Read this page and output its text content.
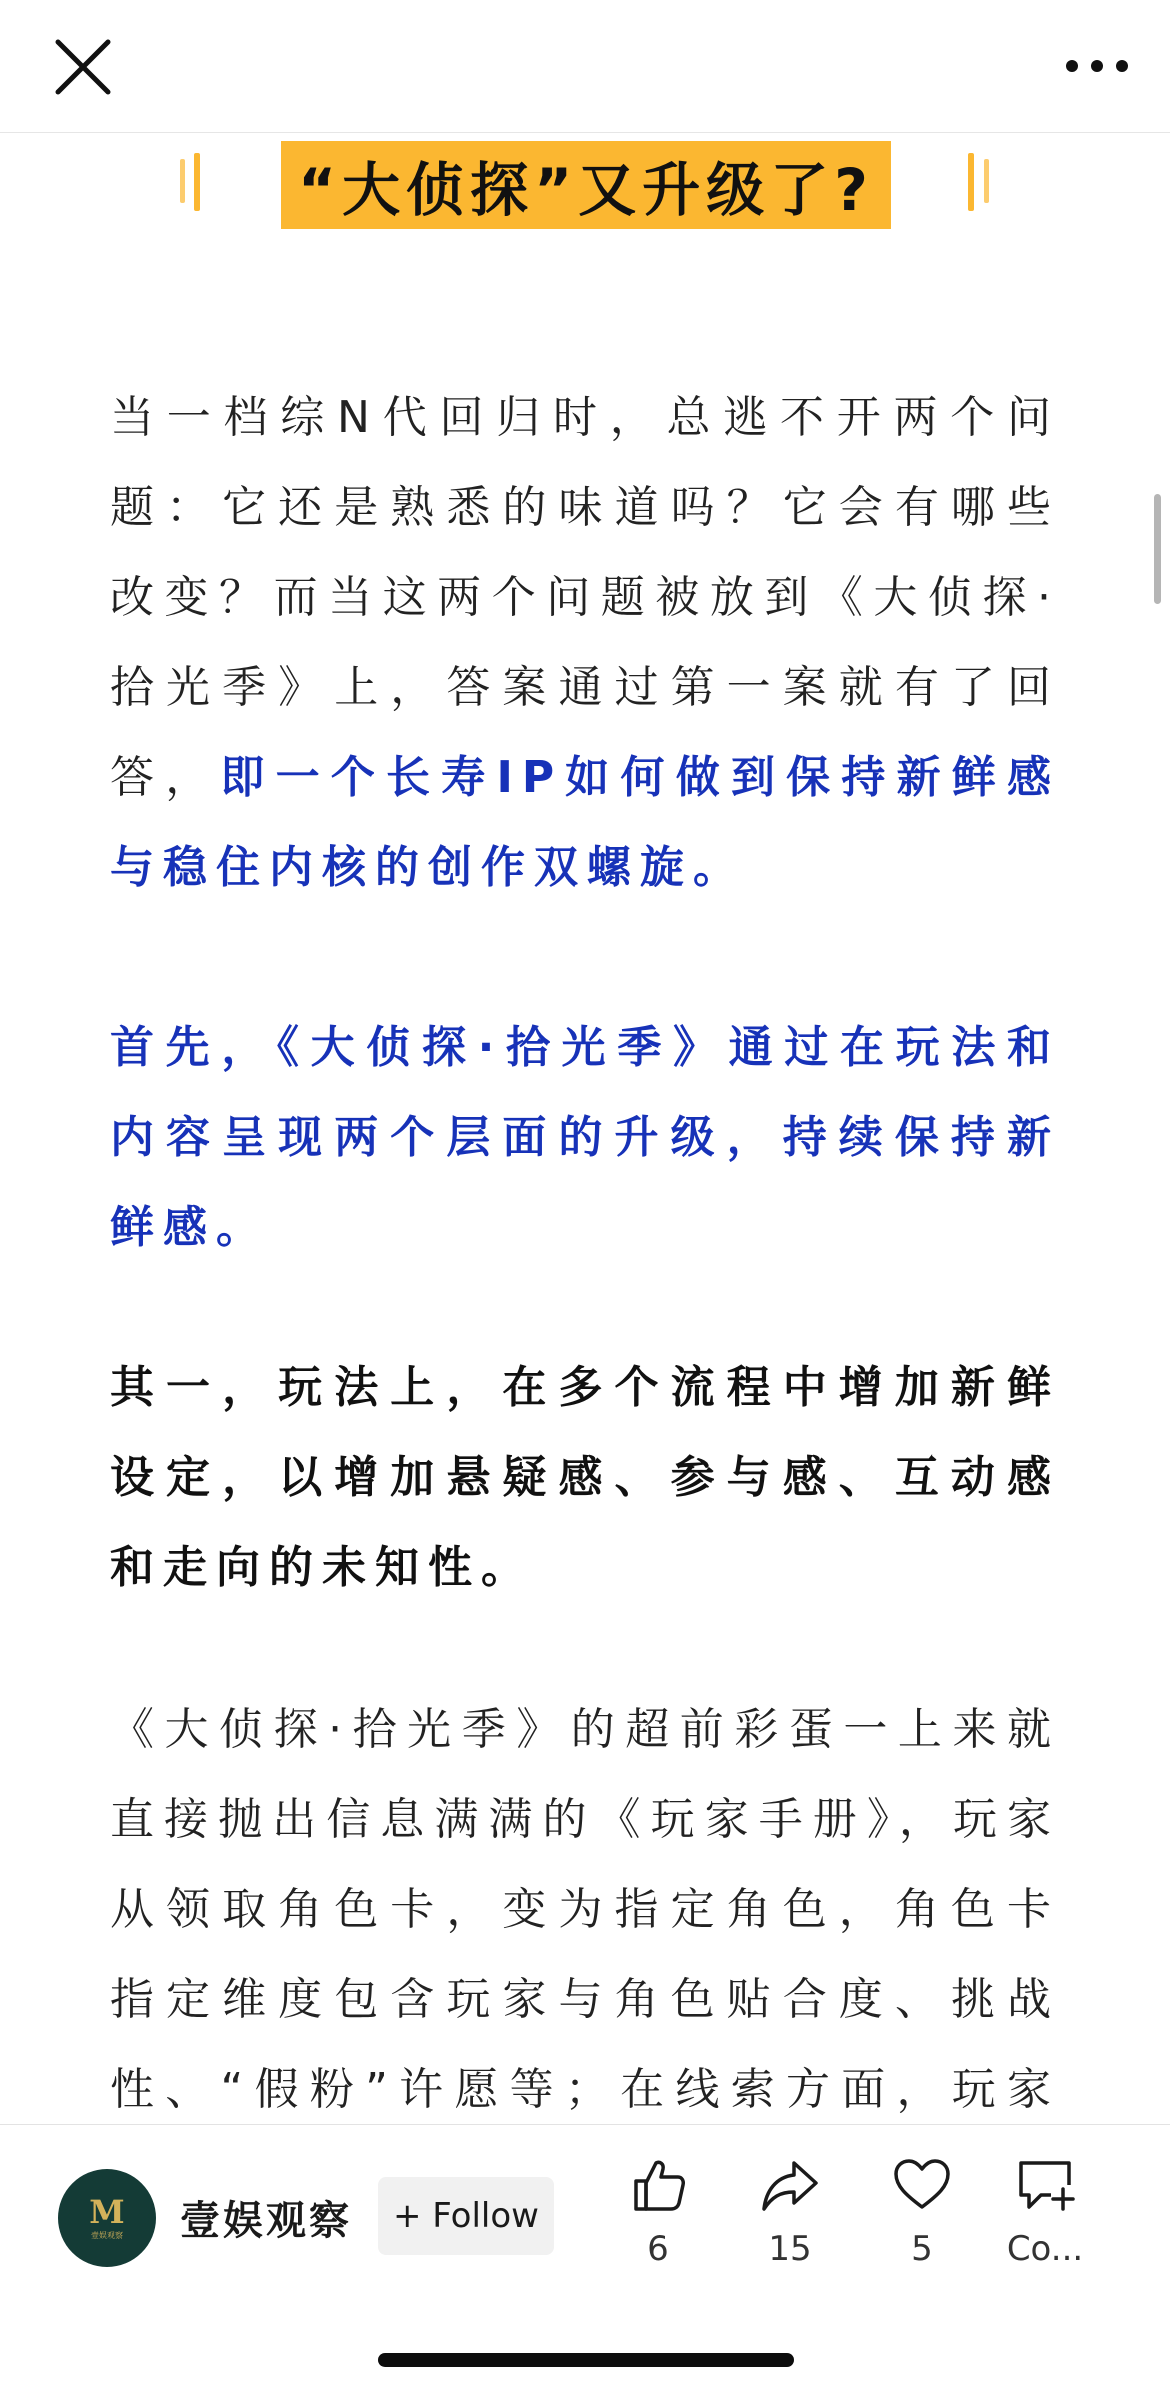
“大侦探”又升级了?

当一档综N代回归时，总逃不开两个问题：它还是熟悉的味道吗？它会有哪些改变？而当这两个问题被放到《大侦探·拾光季》上，答案通过第一案就有了回答，即一个长寿IP如何做到保持新鲜感与稳住内核的创作双螺旋。

首先，《大侦探·拾光季》通过在玩法和内容呈现两个层面的升级，持续保持新鲜感。

其一，玩法上，在多个流程中增加新鲜设定，以增加悬疑感、参与感、互动感和走向的未知性。

《大侦探·拾光季》的超前彩蛋一上来就直接抛出信息满满的《玩家手册》，玩家从领取角色卡，变为指定角色，角色卡指定维度包含玩家与角色贴合度、挑战性、“假粉”许愿等；在线索方面，玩家

M
壹娱观察 壹娱观察	+ Follow
6	15	5	Co...
